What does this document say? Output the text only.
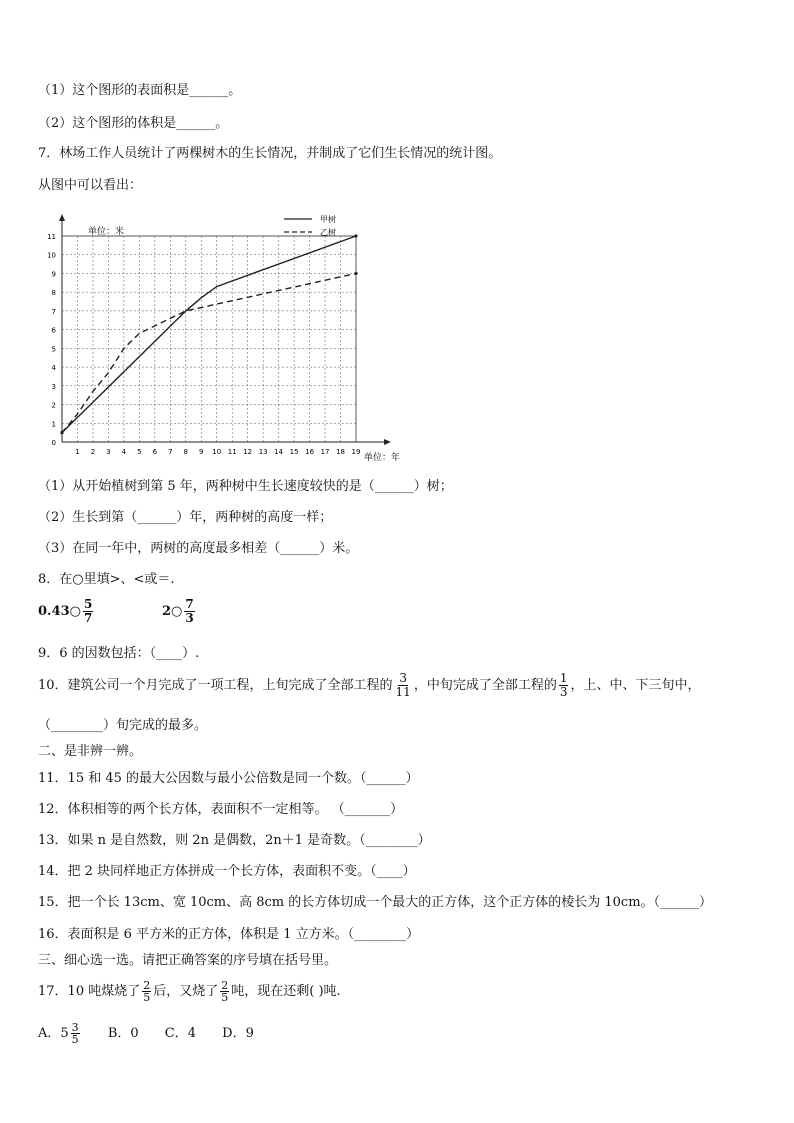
（1）这个图形的表面积是______。
（2）这个图形的体积是______。
7．林场工作人员统计了两棵树木的生长情况，并制成了它们生长情况的统计图。
从图中可以看出：
1 2 3 4 5 6 7 8 9 10 11 12 13 14 15 16 17 18 19
0
1
2
3
4
5
6
7
8
9
10
11	单位：米
单位：年
甲树
乙树
（1）从开始植树到第 5 年，两种树中生长速度较快的是（______）树；
（2）生长到第（______）年，两种树的高度一样；
（3）在同一年中，两树的高度最多相差（______）米。
8．在○里填>、<或＝.
0.43○ $\frac{5}{7}$	2○ $\frac{7}{3}$
9．6 的因数包括：（____）.
10．建筑公司一个月完成了一项工程，上旬完成了全部工程的 $\frac{3}{11}$ ，中旬完成了全部工程的 $\frac{1}{3}$ ，上、中、下三旬中，
（________）旬完成的最多。
二、是非辨一辨。
11．15 和 45 的最大公因数与最小公倍数是同一个数。（______）
12．体积相等的两个长方体，表面积不一定相等。 （_______）
13．如果 n 是自然数，则 2n 是偶数，2n＋1 是奇数。（________）
14．把 2 块同样地正方体拼成一个长方体，表面积不变。（____）
15．把一个长 13cm、宽 10cm、高 8cm 的长方体切成一个最大的正方体，这个正方体的棱长为 10cm。（______）
16．表面积是 6 平方米的正方体，体积是 1 立方米。（________）
三、细心选一选。请把正确答案的序号填在括号里。
17．10 吨煤烧了 $\frac{2}{5}$ 后，又烧了 $\frac{2}{5}$ 吨，现在还剩( )吨.
A．$5 \frac{3}{5}$ B．0 C．4 D．9
